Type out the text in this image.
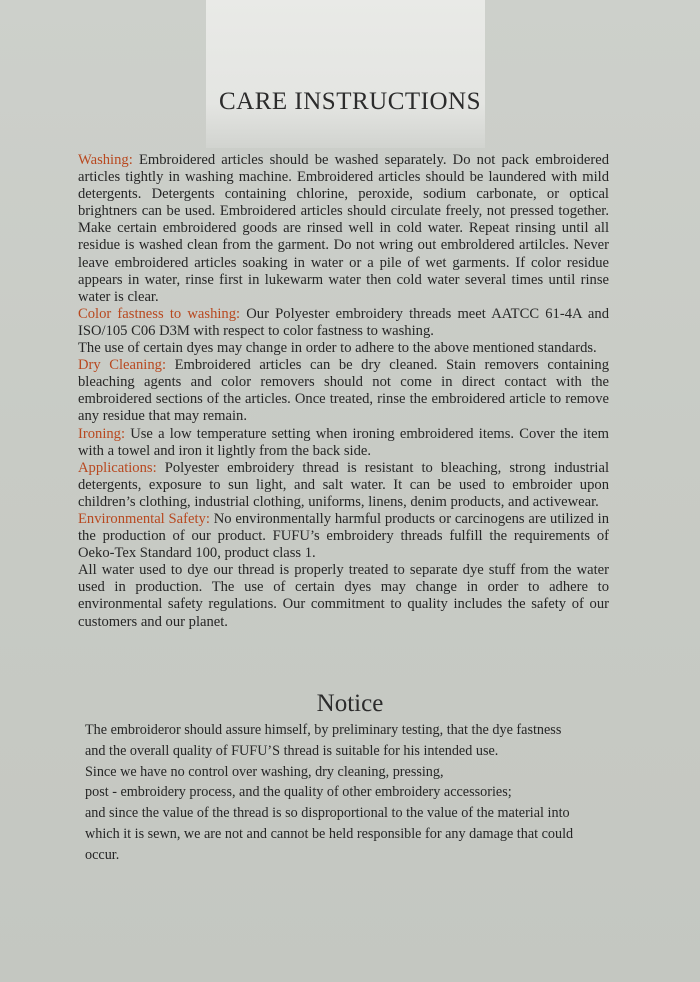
CARE INSTRUCTIONS

Washing: Embroidered articles should be washed separately. Do not pack embroidered articles tightly in washing machine. Embroidered articles should be laundered with mild detergents. Detergents containing chlorine, peroxide, sodium carbonate, or optical brightners can be used. Embroidered articles should circulate freely, not pressed together. Make certain embroidered goods are rinsed well in cold water. Repeat rinsing until all residue is washed clean from the garment. Do not wring out embroldered artilcles. Never leave embroidered articles soaking in water or a pile of wet garments. If color residue appears in water, rinse first in lukewarm water then cold water several times until rinse water is clear.

Color fastness to washing: Our Polyester embroidery threads meet AATCC 61-4A and ISO/105 C06 D3M with respect to color fastness to washing.

The use of certain dyes may change in order to adhere to the above mentioned standards.

Dry Cleaning: Embroidered articles can be dry cleaned. Stain removers containing bleaching agents and color removers should not come in direct contact with the embroidered sections of the articles. Once treated, rinse the embroidered article to remove any residue that may remain.

Ironing: Use a low temperature setting when ironing embroidered items. Cover the item with a towel and iron it lightly from the back side.

Applications: Polyester embroidery thread is resistant to bleaching, strong industrial detergents, exposure to sun light, and salt water. It can be used to embroider upon children’s clothing, industrial clothing, uniforms, linens, denim products, and activewear.

Environmental Safety: No environmentally harmful products or carcinogens are utilized in the production of our product. FUFU’s embroidery threads fulfill the requirements of Oeko-Tex Standard 100, product class 1.

All water used to dye our thread is properly treated to separate dye stuff from the water used in production. The use of certain dyes may change in order to adhere to environmental safety regulations. Our commitment to quality includes the safety of our customers and our planet.

Notice
The embroideror should assure himself, by preliminary testing, that the dye fastness
and the overall quality of FUFU’S thread is suitable for his intended use.
Since we have no control over washing, dry cleaning, pressing,
post - embroidery process, and the quality of other embroidery accessories;
and since the value of the thread is so disproportional to the value of the material into
which it is sewn, we are not and cannot be held responsible for any damage that could
occur.
